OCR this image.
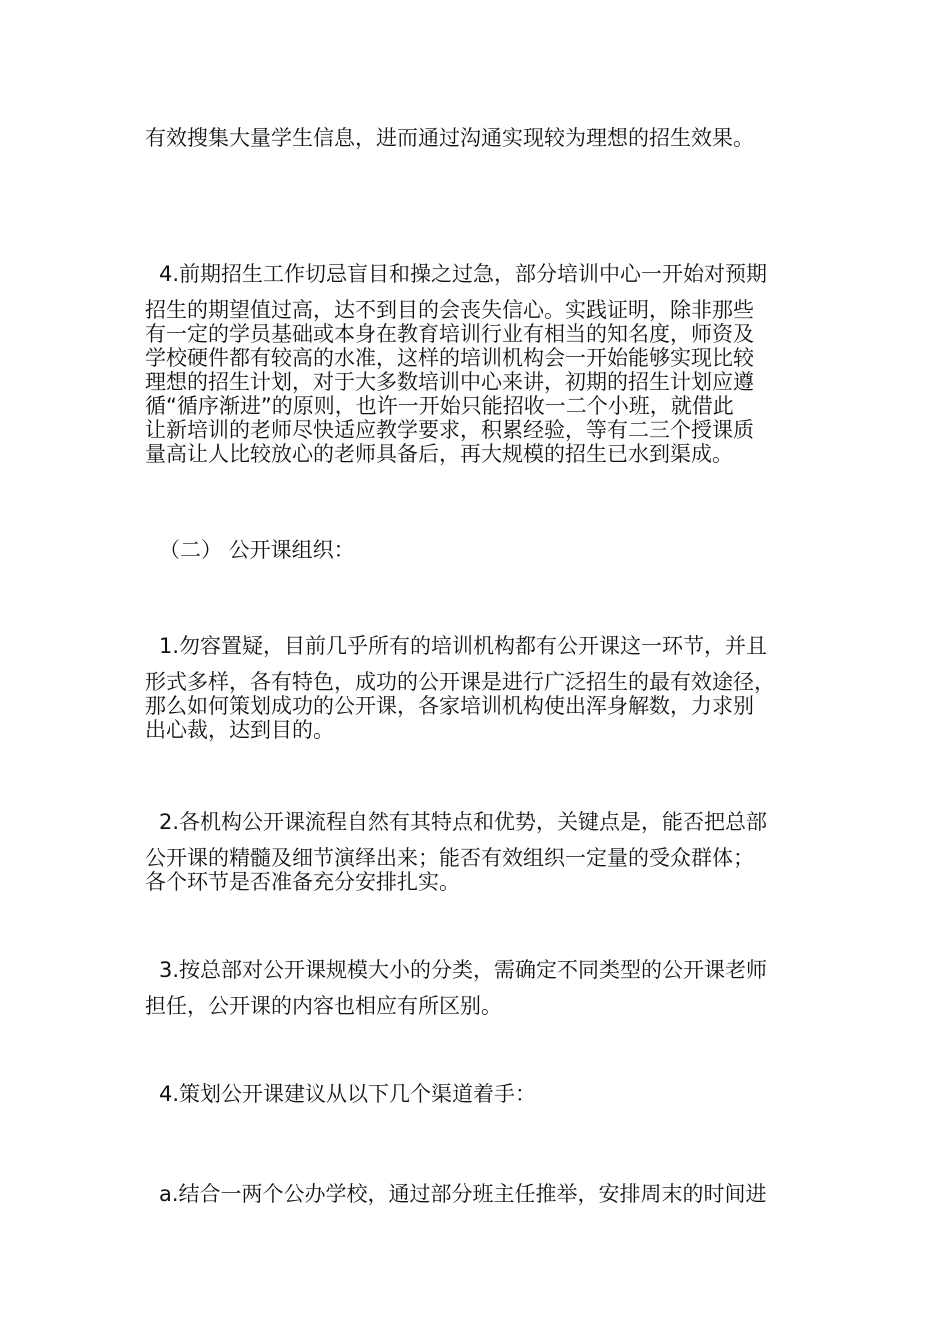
有效搜集大量学生信息，进而通过沟通实现较为理想的招生效果。

4.前期招生工作切忌盲目和操之过急，部分培训中心一开始对预期
招生的期望值过高，达不到目的会丧失信心。实践证明，除非那些
有一定的学员基础或本身在教育培训行业有相当的知名度，师资及
学校硬件都有较高的水准，这样的培训机构会一开始能够实现比较
理想的招生计划，对于大多数培训中心来讲，初期的招生计划应遵
循“循序渐进”的原则，也许一开始只能招收一二个小班，就借此
让新培训的老师尽快适应教学要求，积累经验，等有二三个授课质
量高让人比较放心的老师具备后，再大规模的招生已水到渠成。

（二） 公开课组织：

1.勿容置疑，目前几乎所有的培训机构都有公开课这一环节，并且
形式多样，各有特色，成功的公开课是进行广泛招生的最有效途径，
那么如何策划成功的公开课，各家培训机构使出浑身解数，力求别
出心裁，达到目的。

2.各机构公开课流程自然有其特点和优势，关键点是，能否把总部
公开课的精髓及细节演绎出来；能否有效组织一定量的受众群体；
各个环节是否准备充分安排扎实。

3.按总部对公开课规模大小的分类，需确定不同类型的公开课老师
担任，公开课的内容也相应有所区别。

4.策划公开课建议从以下几个渠道着手：

a.结合一两个公办学校，通过部分班主任推举，安排周末的时间进
